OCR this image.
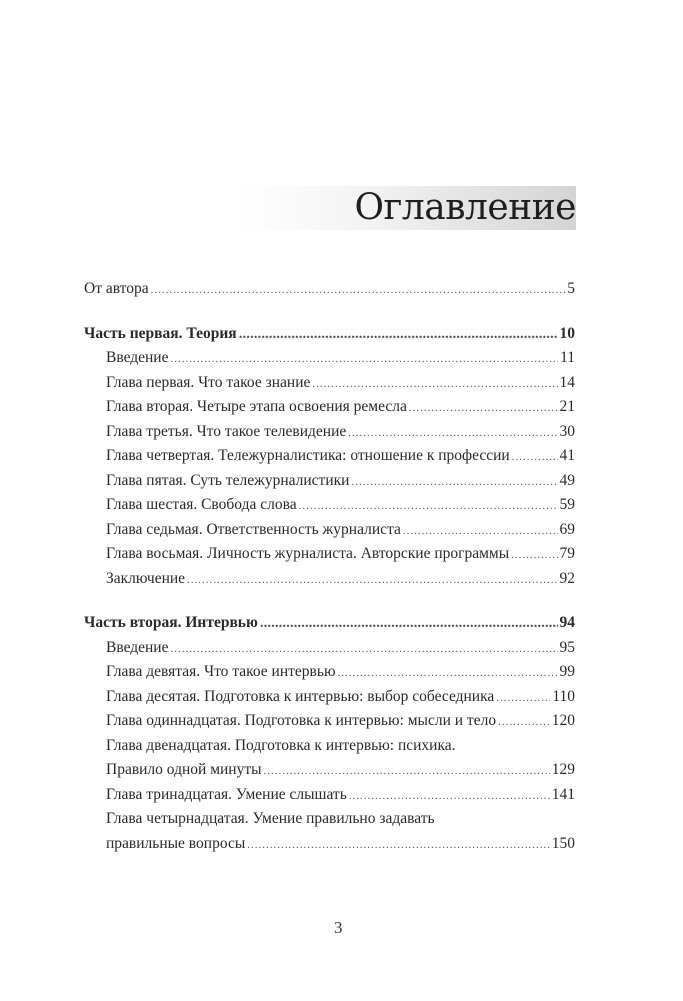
Оглавление
От автора .....	5
Часть первая. Теория .....	10
Введение .....	11
Глава первая. Что такое знание .....	14
Глава вторая. Четыре этапа освоения ремесла .....	21
Глава третья. Что такое телевидение .....	30
Глава четвертая. Тележурналистика: отношение к профессии .....	41
Глава пятая. Суть тележурналистики .....	49
Глава шестая. Свобода слова .....	59
Глава седьмая. Ответственность журналиста .....	69
Глава восьмая. Личность журналиста. Авторские программы .....	79
Заключение .....	92
Часть вторая. Интервью .....	94
Введение .....	95
Глава девятая. Что такое интервью .....	99
Глава десятая. Подготовка к интервью: выбор собеседника .....	110
Глава одиннадцатая. Подготовка к интервью: мысли и тело .....	120
Глава двенадцатая. Подготовка к интервью: психика.
Правило одной минуты .....	129
Глава тринадцатая. Умение слышать .....	141
Глава четырнадцатая. Умение правильно задавать
правильные вопросы .....	150
3
